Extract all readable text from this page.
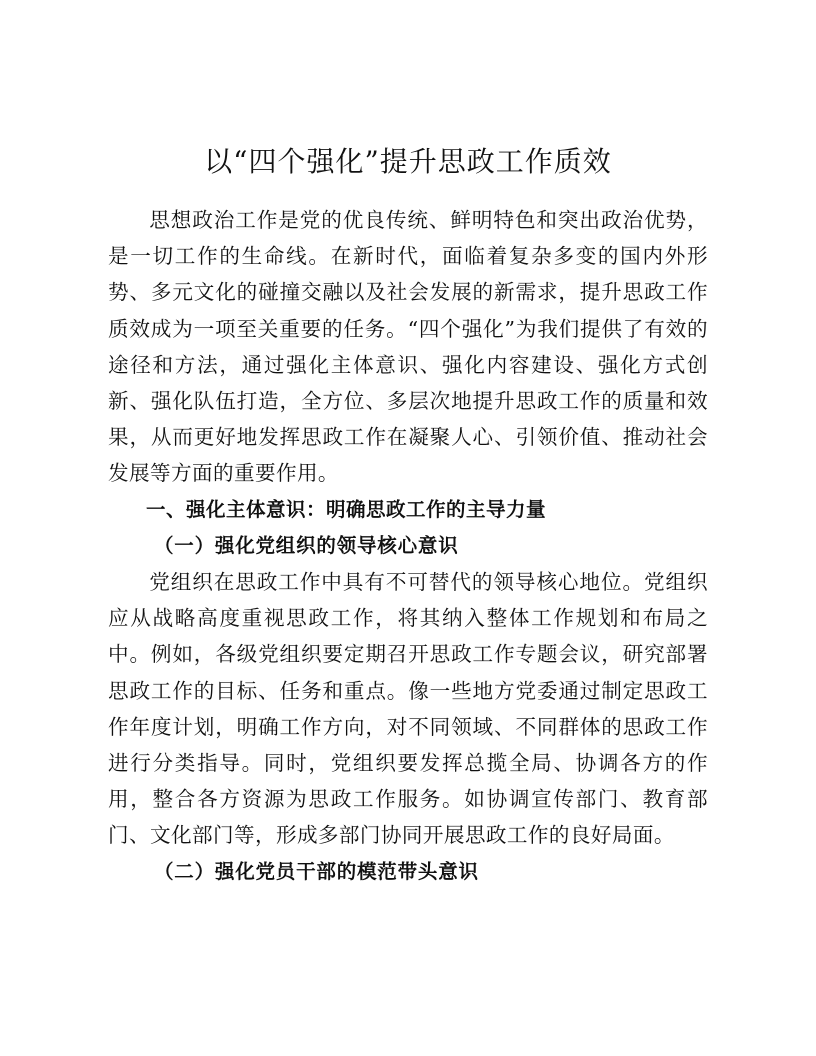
以“四个强化”提升思政工作质效

思想政治工作是党的优良传统、鲜明特色和突出政治优势，是一切工作的生命线。在新时代，面临着复杂多变的国内外形势、多元文化的碰撞交融以及社会发展的新需求，提升思政工作质效成为一项至关重要的任务。“四个强化”为我们提供了有效的途径和方法，通过强化主体意识、强化内容建设、强化方式创新、强化队伍打造，全方位、多层次地提升思政工作的质量和效果，从而更好地发挥思政工作在凝聚人心、引领价值、推动社会发展等方面的重要作用。

一、强化主体意识：明确思政工作的主导力量

（一）强化党组织的领导核心意识

党组织在思政工作中具有不可替代的领导核心地位。党组织应从战略高度重视思政工作，将其纳入整体工作规划和布局之中。例如，各级党组织要定期召开思政工作专题会议，研究部署思政工作的目标、任务和重点。像一些地方党委通过制定思政工作年度计划，明确工作方向，对不同领域、不同群体的思政工作进行分类指导。同时，党组织要发挥总揽全局、协调各方的作用，整合各方资源为思政工作服务。如协调宣传部门、教育部门、文化部门等，形成多部门协同开展思政工作的良好局面。

（二）强化党员干部的模范带头意识
